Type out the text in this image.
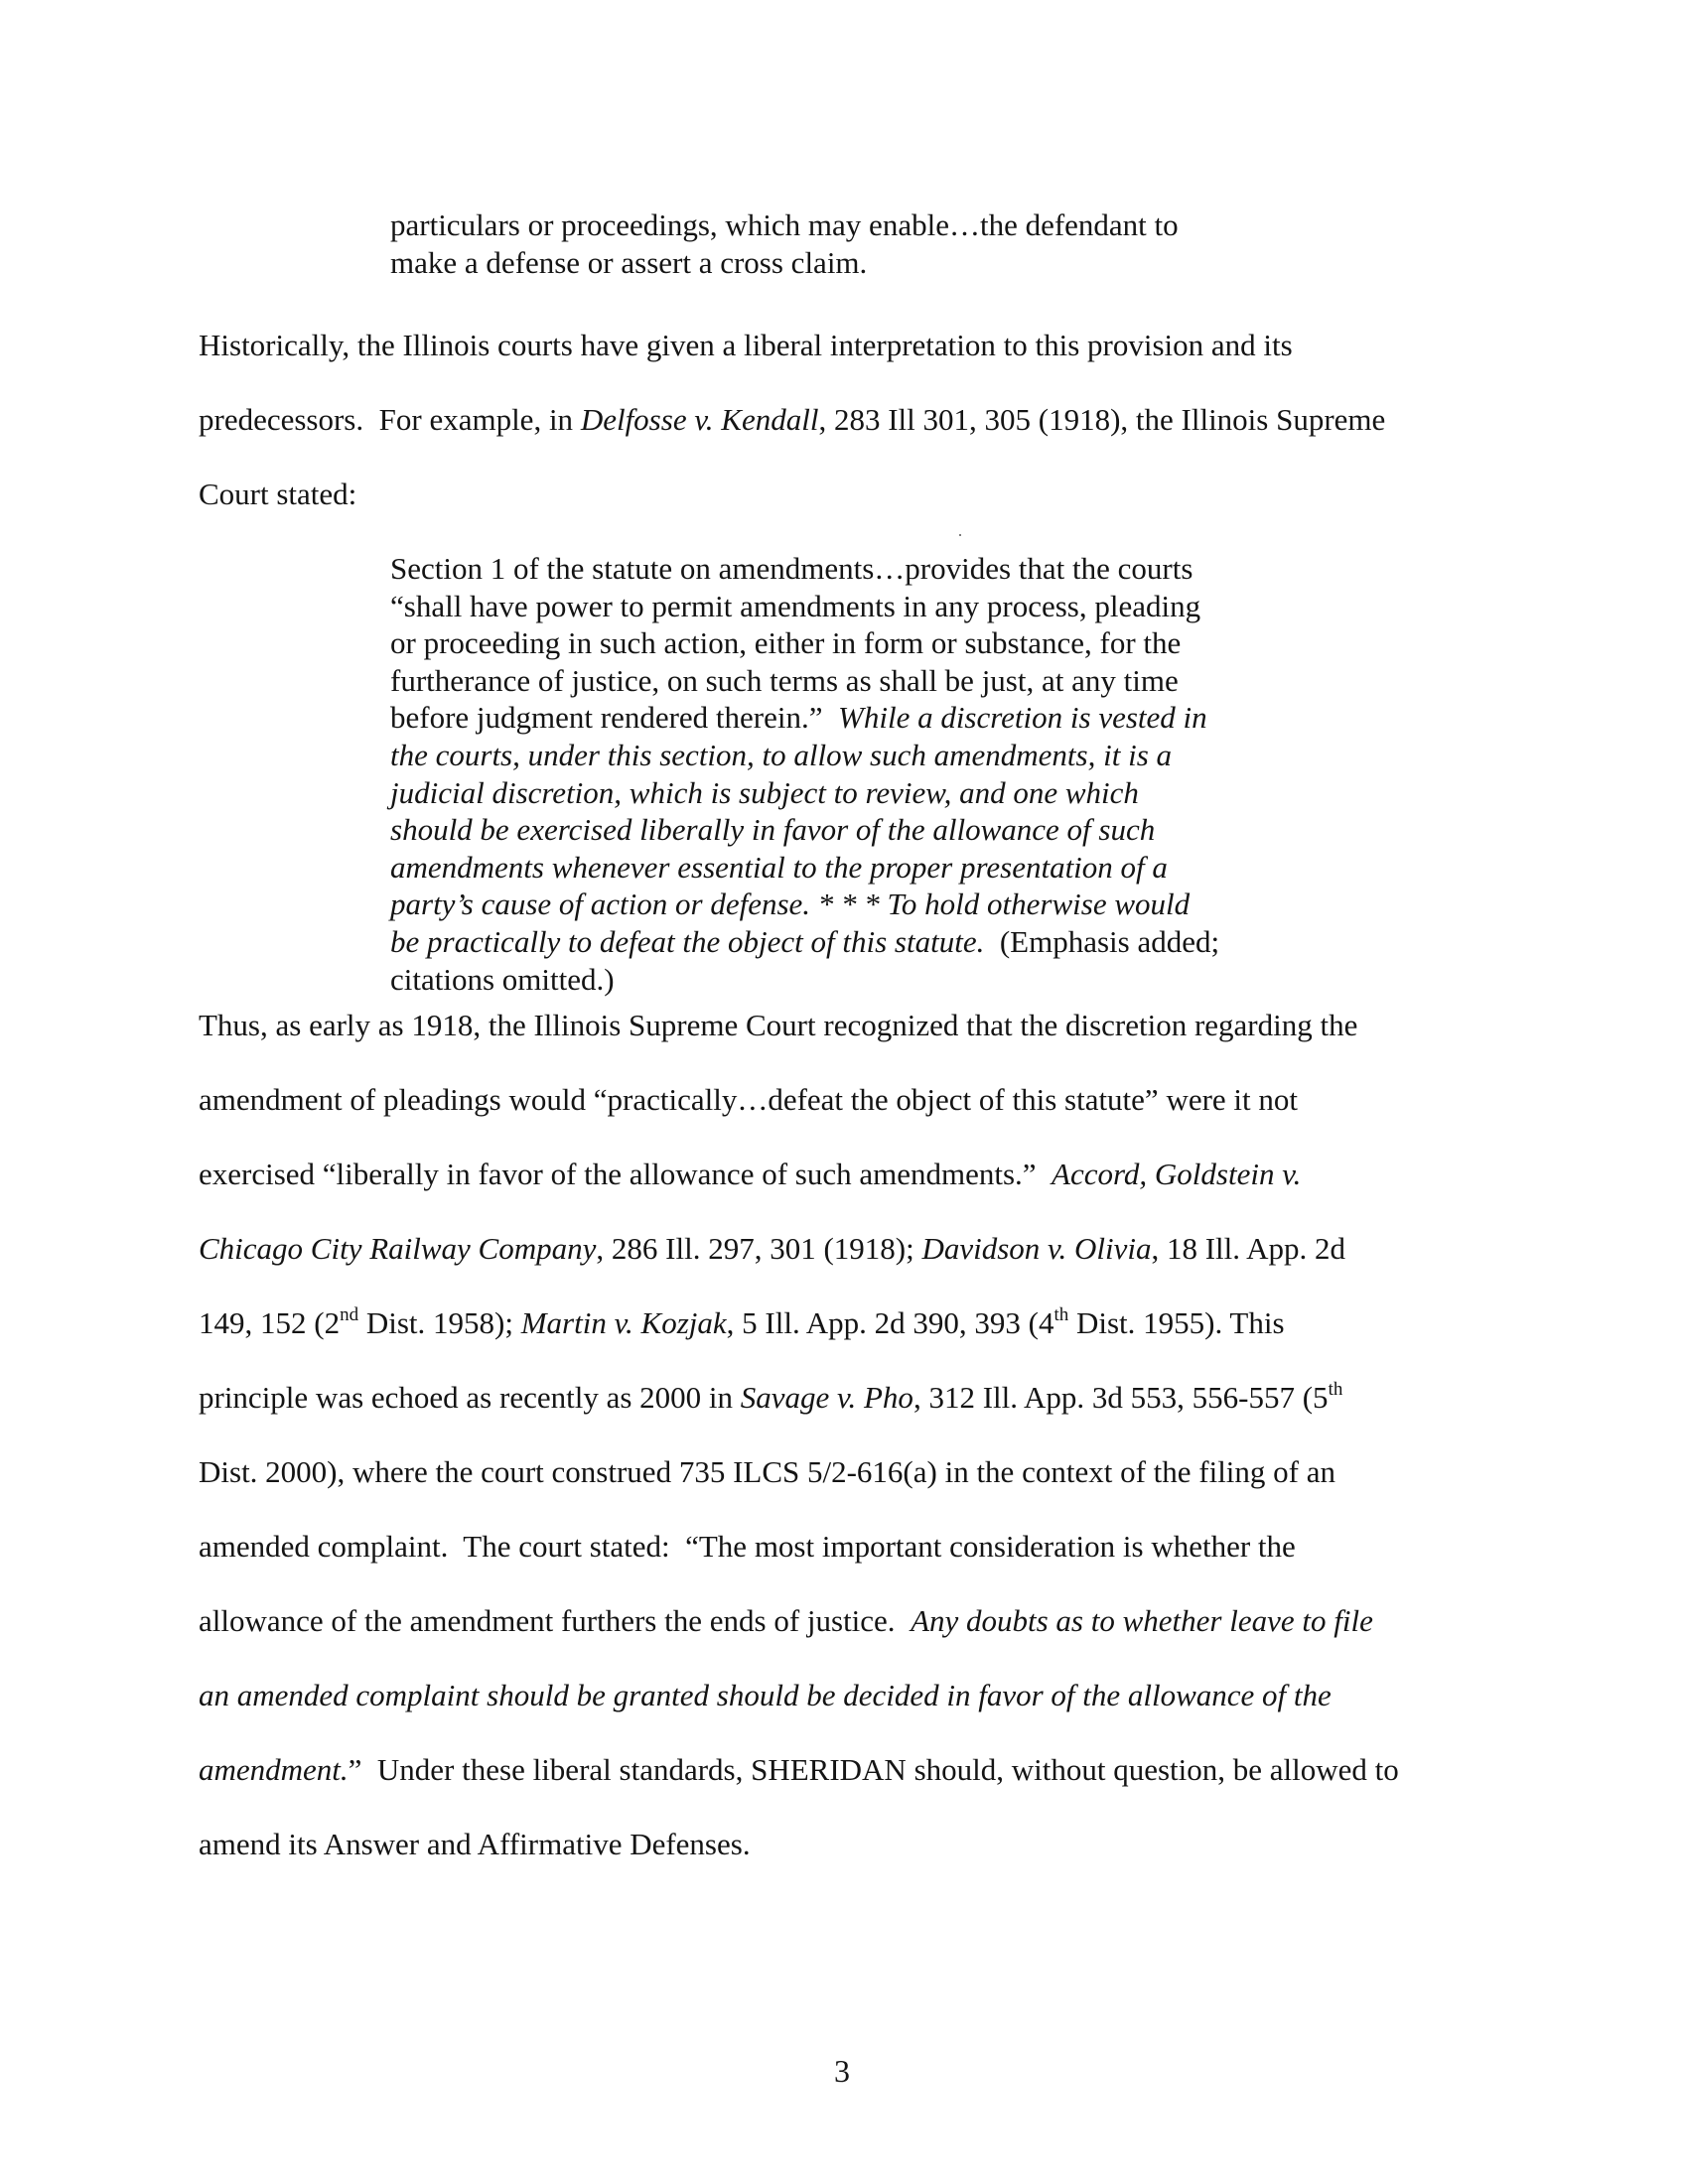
particulars or proceedings, which may enable…the defendant to
make a defense or assert a cross claim.
Historically, the Illinois courts have given a liberal interpretation to this provision and its
predecessors.  For example, in Delfosse v. Kendall, 283 Ill 301, 305 (1918), the Illinois Supreme
Court stated:
Section 1 of the statute on amendments…provides that the courts
“shall have power to permit amendments in any process, pleading
or proceeding in such action, either in form or substance, for the
furtherance of justice, on such terms as shall be just, at any time
before judgment rendered therein.”  While a discretion is vested in
the courts, under this section, to allow such amendments, it is a
judicial discretion, which is subject to review, and one which
should be exercised liberally in favor of the allowance of such
amendments whenever essential to the proper presentation of a
party’s cause of action or defense. * * * To hold otherwise would
be practically to defeat the object of this statute.  (Emphasis added;
citations omitted.)
Thus, as early as 1918, the Illinois Supreme Court recognized that the discretion regarding the
amendment of pleadings would “practically…defeat the object of this statute” were it not
exercised “liberally in favor of the allowance of such amendments.”  Accord, Goldstein v.
Chicago City Railway Company, 286 Ill. 297, 301 (1918); Davidson v. Olivia, 18 Ill. App. 2d
149, 152 (2nd Dist. 1958); Martin v. Kozjak, 5 Ill. App. 2d 390, 393 (4th Dist. 1955). This
principle was echoed as recently as 2000 in Savage v. Pho, 312 Ill. App. 3d 553, 556-557 (5th
Dist. 2000), where the court construed 735 ILCS 5/2-616(a) in the context of the filing of an
amended complaint.  The court stated:  “The most important consideration is whether the
allowance of the amendment furthers the ends of justice.  Any doubts as to whether leave to file
an amended complaint should be granted should be decided in favor of the allowance of the
amendment.”  Under these liberal standards, SHERIDAN should, without question, be allowed to
amend its Answer and Affirmative Defenses.
3
